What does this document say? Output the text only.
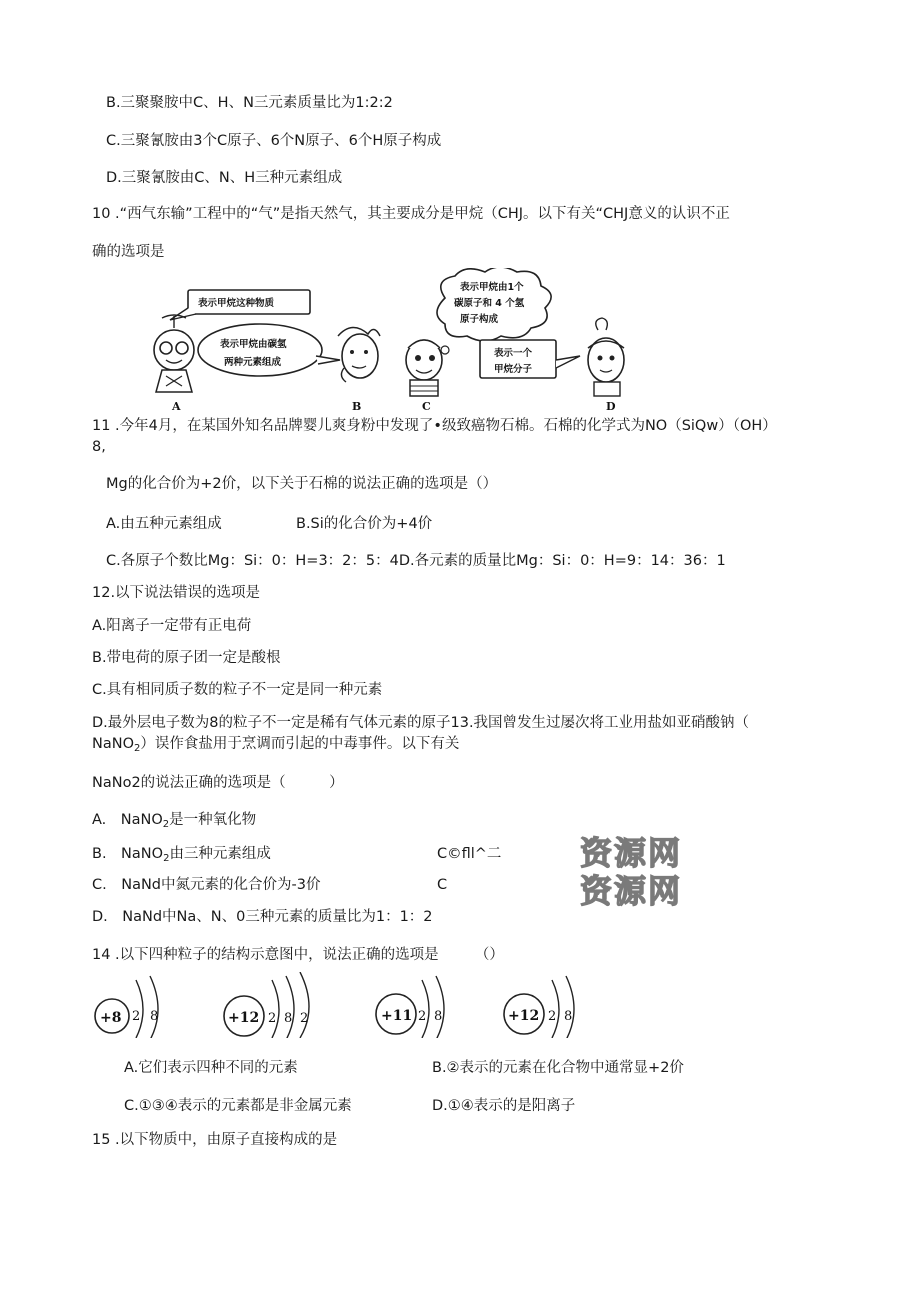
B.三聚聚胺中C、H、N三元素质量比为1:2:2
C.三聚氰胺由3个C原子、6个N原子、6个H原子构成
D.三聚氰胺由C、N、H三种元素组成
10 .“西气东输”工程中的“气”是指天然气，其主要成分是甲烷（CHJ。以下有关“CHJ意义的认识不正
确的选项是
表示甲烷这种物质
表示甲烷由碳氢
两种元素组成
表示甲烷由1个
碳原子和 4 个氢
原子构成
表示一个
甲烷分子
A	B	C	D
11 .今年4月，在某国外知名品牌婴儿爽身粉中发现了•级致癌物石棉。石棉的化学式为NO（SiQw）（OH）
8,
Mg的化合价为+2价，以下关于石棉的说法正确的选项是（）
A.由五种元素组成	B.Si的化合价为+4价
C.各原子个数比Mg：Si：0：H=3：2：5：4D.各元素的质量比Mg：Si：0：H=9：14：36：1
12.以下说法错误的选项是
A.阳离子一定带有正电荷
B.带电荷的原子团一定是酸根
C.具有相同质子数的粒子不一定是同一种元素
D.最外层电子数为8的粒子不一定是稀有气体元素的原子13.我国曾发生过屡次将工业用盐如亚硝酸钠（
NaNO$_2$）误作食盐用于烹调而引起的中毒事件。以下有关
NaNo2的说法正确的选项是（　　　）
A.　NaNO$_2$是一种氧化物
B.　NaNO$_2$由三种元素组成	C©fll^二
C.　NaNd中氮元素的化合价为-3价	C
D.　NaNd中Na、N、0三种元素的质量比为1：1：2
资源网
资源网
14 .以下四种粒子的结构示意图中，说法正确的选项是　　　（）
+8 2 8	+12 2 8 2	+11 2 8	+12 2 8
A.它们表示四种不同的元素	B.②表示的元素在化合物中通常显+2价
C.①③④表示的元素都是非金属元素	D.①④表示的是阳离子
15 .以下物质中，由原子直接构成的是
